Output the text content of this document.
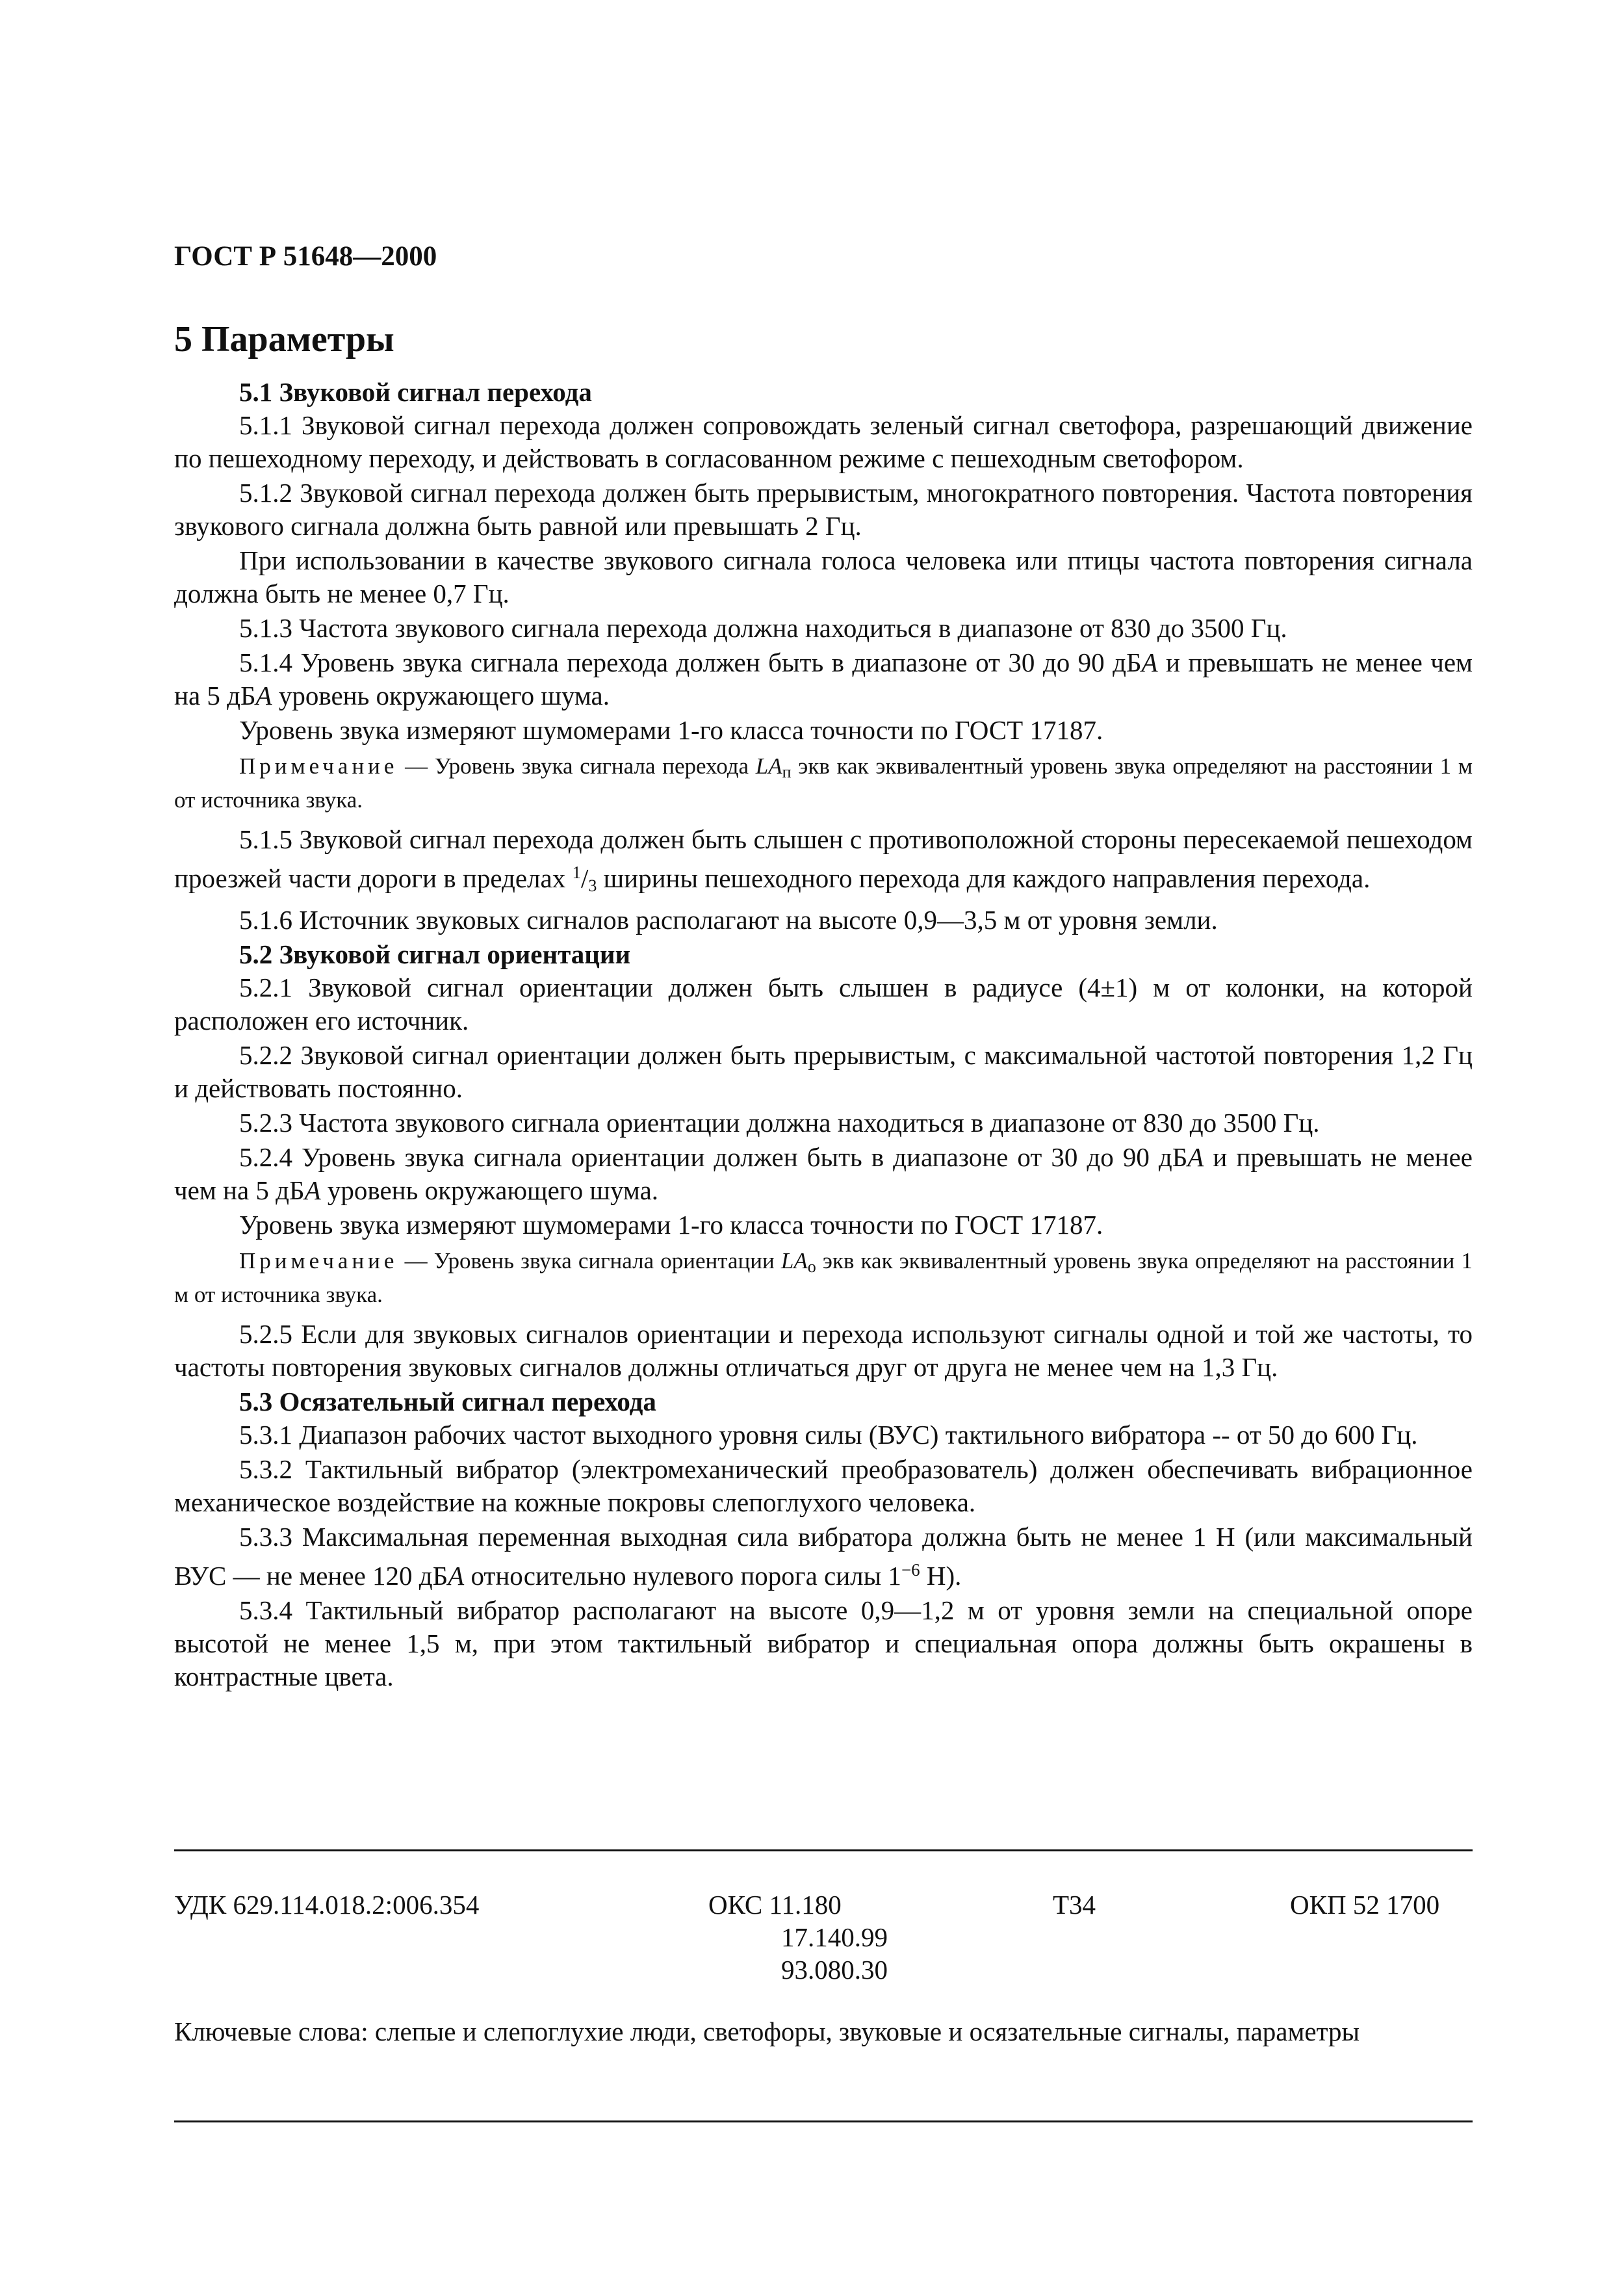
ГОСТ Р 51648—2000
5 Параметры
5.1 Звуковой сигнал перехода

5.1.1 Звуковой сигнал перехода должен сопровождать зеленый сигнал светофора, разрешающий движение по пешеходному переходу, и действовать в согласованном режиме с пешеходным светофором.

5.1.2 Звуковой сигнал перехода должен быть прерывистым, многократного повторения. Частота повторения звукового сигнала должна быть равной или превышать 2 Гц.

При использовании в качестве звукового сигнала голоса человека или птицы частота повторения сигнала должна быть не менее 0,7 Гц.

5.1.3 Частота звукового сигнала перехода должна находиться в диапазоне от 830 до 3500 Гц.

5.1.4 Уровень звука сигнала перехода должен быть в диапазоне от 30 до 90 дБA и превышать не менее чем на 5 дБA уровень окружающего шума.

Уровень звука измеряют шумомерами 1-го класса точности по ГОСТ 17187.

Примечание — Уровень звука сигнала перехода $LA_п$ экв как эквивалентный уровень звука определяют на расстоянии 1 м от источника звука.

5.1.5 Звуковой сигнал перехода должен быть слышен с противоположной стороны пересекаемой пешеходом проезжей части дороги в пределах $^1/_3$ ширины пешеходного перехода для каждого направления перехода.

5.1.6 Источник звуковых сигналов располагают на высоте 0,9—3,5 м от уровня земли.

5.2 Звуковой сигнал ориентации

5.2.1 Звуковой сигнал ориентации должен быть слышен в радиусе (4±1) м от колонки, на которой расположен его источник.

5.2.2 Звуковой сигнал ориентации должен быть прерывистым, с максимальной частотой повторения 1,2 Гц и действовать постоянно.

5.2.3 Частота звукового сигнала ориентации должна находиться в диапазоне от 830 до 3500 Гц.

5.2.4 Уровень звука сигнала ориентации должен быть в диапазоне от 30 до 90 дБA и превышать не менее чем на 5 дБA уровень окружающего шума.

Уровень звука измеряют шумомерами 1-го класса точности по ГОСТ 17187.

Примечание — Уровень звука сигнала ориентации $LA_о$ экв как эквивалентный уровень звука определяют на расстоянии 1 м от источника звука.

5.2.5 Если для звуковых сигналов ориентации и перехода используют сигналы одной и той же частоты, то частоты повторения звуковых сигналов должны отличаться друг от друга не менее чем на 1,3 Гц.

5.3 Осязательный сигнал перехода

5.3.1 Диапазон рабочих частот выходного уровня силы (ВУС) тактильного вибратора -- от 50 до 600 Гц.

5.3.2 Тактильный вибратор (электромеханический преобразователь) должен обеспечивать вибрационное механическое воздействие на кожные покровы слепоглухого человека.

5.3.3 Максимальная переменная выходная сила вибратора должна быть не менее 1 Н (или максимальный ВУС — не менее 120 дБA относительно нулевого порога силы $1^{-6}$ Н).

5.3.4 Тактильный вибратор располагают на высоте 0,9—1,2 м от уровня земли на специальной опоре высотой не менее 1,5 м, при этом тактильный вибратор и специальная опора должны быть окрашены в контрастные цвета.

УДК 629.114.018.2:006.354	ОКС 11.180
17.140.99
93.080.30
Т34	ОКП 52 1700
Ключевые слова: слепые и слепоглухие люди, светофоры, звуковые и осязательные сигналы, параметры
